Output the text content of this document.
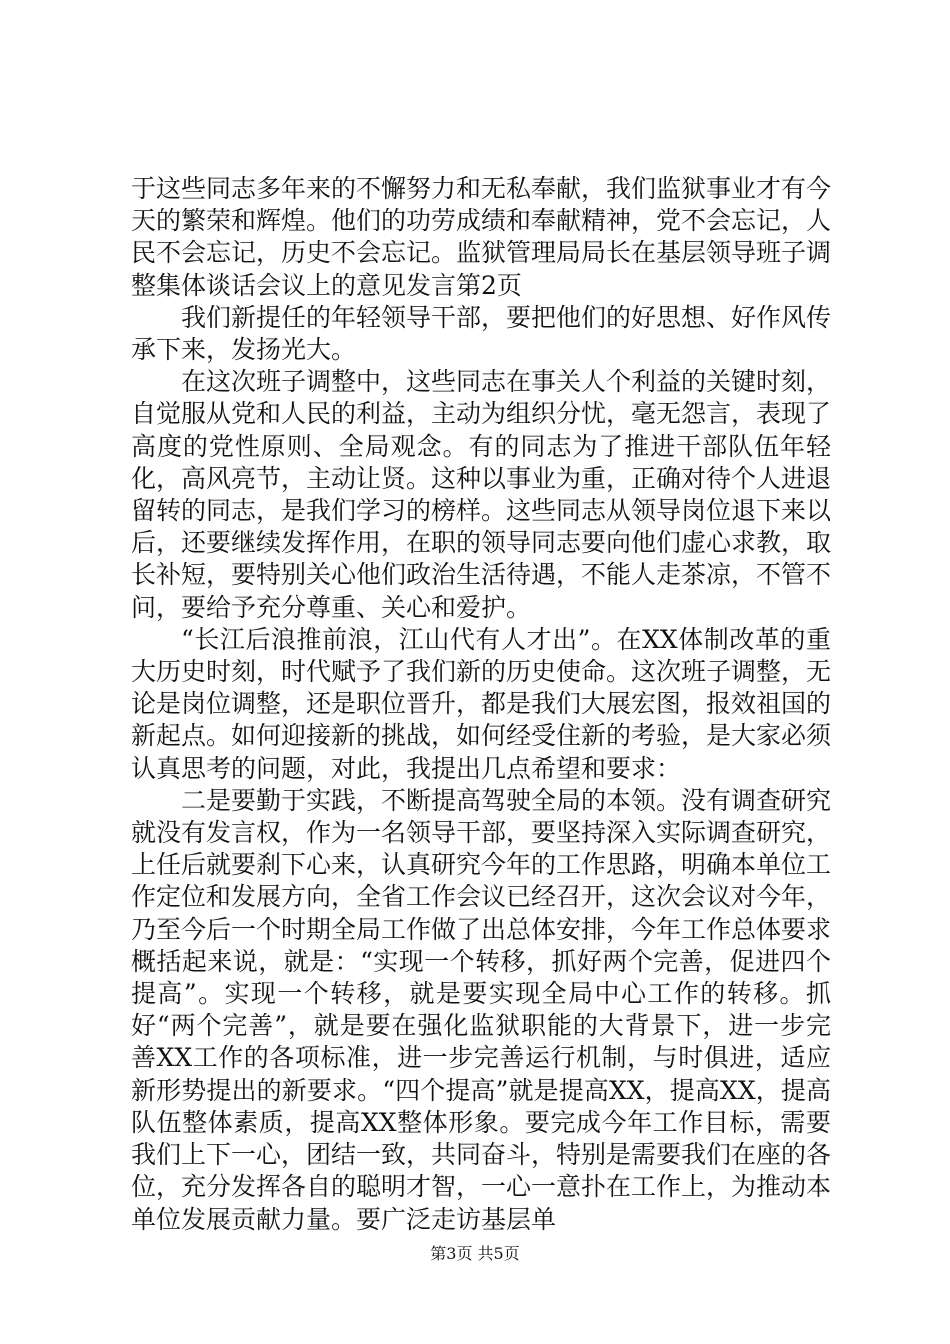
于这些同志多年来的不懈努力和无私奉献，我们监狱事业才有今天的繁荣和辉煌。他们的功劳成绩和奉献精神，党不会忘记，人民不会忘记，历史不会忘记。监狱管理局局长在基层领导班子调整集体谈话会议上的意见发言第2页

我们新提任的年轻领导干部，要把他们的好思想、好作风传承下来，发扬光大。

在这次班子调整中，这些同志在事关人个利益的关键时刻，自觉服从党和人民的利益，主动为组织分忧，毫无怨言，表现了高度的党性原则、全局观念。有的同志为了推进干部队伍年轻化，高风亮节，主动让贤。这种以事业为重，正确对待个人进退留转的同志，是我们学习的榜样。这些同志从领导岗位退下来以后，还要继续发挥作用，在职的领导同志要向他们虚心求教，取长补短，要特别关心他们政治生活待遇，不能人走茶凉，不管不问，要给予充分尊重、关心和爱护。

“长江后浪推前浪，江山代有人才出”。在XX体制改革的重大历史时刻，时代赋予了我们新的历史使命。这次班子调整，无论是岗位调整，还是职位晋升，都是我们大展宏图，报效祖国的新起点。如何迎接新的挑战，如何经受住新的考验，是大家必须认真思考的问题，对此，我提出几点希望和要求：

二是要勤于实践，不断提高驾驶全局的本领。没有调查研究就没有发言权，作为一名领导干部，要坚持深入实际调查研究，上任后就要刹下心来，认真研究今年的工作思路，明确本单位工作定位和发展方向，全省工作会议已经召开，这次会议对今年，乃至今后一个时期全局工作做了出总体安排，今年工作总体要求概括起来说，就是：“实现一个转移，抓好两个完善，促进四个提高”。实现一个转移，就是要实现全局中心工作的转移。抓好“两个完善”，就是要在强化监狱职能的大背景下，进一步完善XX工作的各项标准，进一步完善运行机制，与时俱进，适应新形势提出的新要求。“四个提高”就是提高XX，提高XX，提高队伍整体素质，提高XX整体形象。要完成今年工作目标，需要我们上下一心，团结一致，共同奋斗，特别是需要我们在座的各位，充分发挥各自的聪明才智，一心一意扑在工作上，为推动本单位发展贡献力量。要广泛走访基层单

第3页 共5页
